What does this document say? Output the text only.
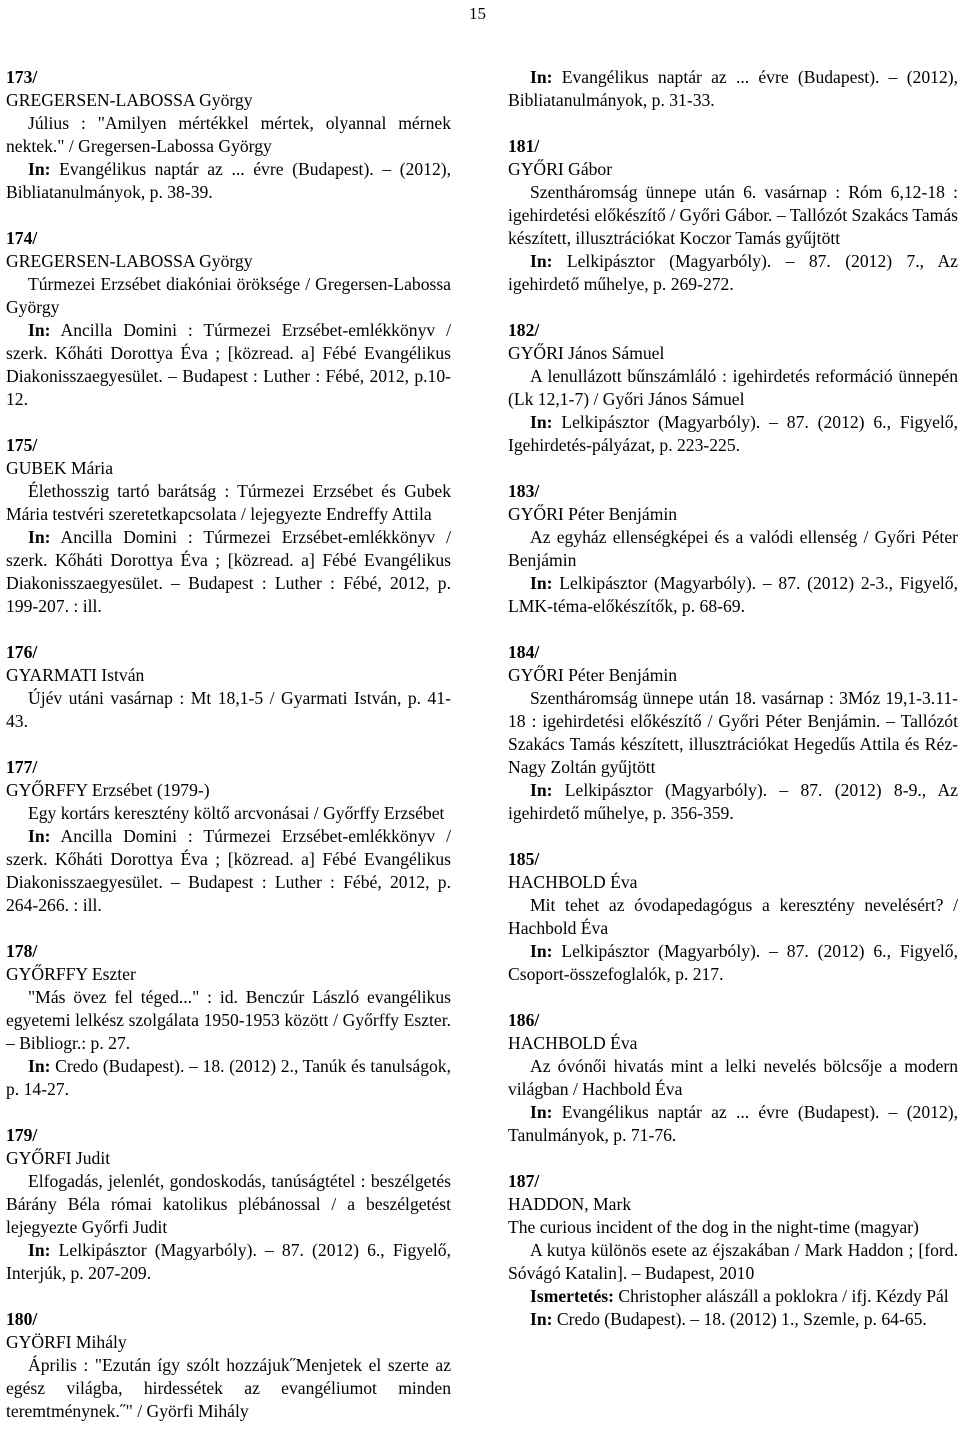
15

173/

GREGERSEN-LABOSSA György

Július : "Amilyen mértékkel mértek, olyannal mérnek nektek." / Gregersen-Labossa György

In: Evangélikus naptár az ... évre (Budapest). – (2012), Bibliatanulmányok, p. 38-39.

174/

GREGERSEN-LABOSSA György

Túrmezei Erzsébet diakóniai öröksége / Gregersen-Labossa György

In: Ancilla Domini : Túrmezei Erzsébet-emlékkönyv / szerk. Kőháti Dorottya Éva ; [közread. a] Fébé Evangélikus Diakonisszaegyesület. – Budapest : Luther : Fébé, 2012, p.10-12.

175/

GUBEK Mária

Élethosszig tartó barátság : Túrmezei Erzsébet és Gubek Mária testvéri szeretetkapcsolata / lejegyezte Endreffy Attila

In: Ancilla Domini : Túrmezei Erzsébet-emlékkönyv / szerk. Kőháti Dorottya Éva ; [közread. a] Fébé Evangélikus Diakonisszaegyesület. – Budapest : Luther : Fébé, 2012, p. 199-207. : ill.

176/

GYARMATI István

Újév utáni vasárnap : Mt 18,1-5 / Gyarmati István, p. 41-43.

177/

GYŐRFFY Erzsébet (1979-)

Egy kortárs keresztény költő arcvonásai / Győrffy Erzsébet

In: Ancilla Domini : Túrmezei Erzsébet-emlékkönyv / szerk. Kőháti Dorottya Éva ; [közread. a] Fébé Evangélikus Diakonisszaegyesület. – Budapest : Luther : Fébé, 2012, p. 264-266. : ill.

178/

GYŐRFFY Eszter

"Más övez fel téged..." : id. Benczúr László evangélikus egyetemi lelkész szolgálata 1950-1953 között / Győrffy Eszter. – Bibliogr.: p. 27.

In: Credo (Budapest). – 18. (2012) 2., Tanúk és tanulságok, p. 14-27.

179/

GYŐRFI Judit

Elfogadás, jelenlét, gondoskodás, tanúságtétel : beszélgetés Bárány Béla római katolikus plébánossal / a beszélgetést lejegyezte Győrfi Judit

In: Lelkipásztor (Magyarbóly). – 87. (2012) 6., Figyelő, Interjúk, p. 207-209.

180/

GYÖRFI Mihály

Április : "Ezután így szólt hozzájuk˝Menjetek el szerte az egész világba, hirdessétek az evangéliumot minden teremtménynek.˝" / Györfi Mihály

In: Evangélikus naptár az ... évre (Budapest). – (2012), Bibliatanulmányok, p. 31-33.

181/

GYŐRI Gábor

Szentháromság ünnepe után 6. vasárnap : Róm 6,12-18 : igehirdetési előkészítő / Győri Gábor. – Tallózót Szakács Tamás készített, illusztrációkat Koczor Tamás gyűjtött

In: Lelkipásztor (Magyarbóly). – 87. (2012) 7., Az igehirdető műhelye, p. 269-272.

182/

GYŐRI János Sámuel

A lenullázott bűnszámláló : igehirdetés reformáció ünnepén (Lk 12,1-7) / Győri János Sámuel

In: Lelkipásztor (Magyarbóly). – 87. (2012) 6., Figyelő, Igehirdetés-pályázat, p. 223-225.

183/

GYŐRI Péter Benjámin

Az egyház ellenségképei és a valódi ellenség / Győri Péter Benjámin

In: Lelkipásztor (Magyarbóly). – 87. (2012) 2-3., Figyelő, LMK-téma-előkészítők, p. 68-69.

184/

GYŐRI Péter Benjámin

Szentháromság ünnepe után 18. vasárnap : 3Móz 19,1-3.11-18 : igehirdetési előkészítő / Győri Péter Benjámin. – Tallózót Szakács Tamás készített, illusztrációkat Hegedűs Attila és Réz-Nagy Zoltán gyűjtött

In: Lelkipásztor (Magyarbóly). – 87. (2012) 8-9., Az igehirdető műhelye, p. 356-359.

185/

HACHBOLD Éva

Mit tehet az óvodapedagógus a keresztény nevelésért? / Hachbold Éva

In: Lelkipásztor (Magyarbóly). – 87. (2012) 6., Figyelő, Csoport-összefoglalók, p. 217.

186/

HACHBOLD Éva

Az óvónői hivatás mint a lelki nevelés bölcsője a modern világban / Hachbold Éva

In: Evangélikus naptár az ... évre (Budapest). – (2012), Tanulmányok, p. 71-76.

187/

HADDON, Mark

The curious incident of the dog in the night-time (magyar)

A kutya különös esete az éjszakában / Mark Haddon ; [ford. Sóvágó Katalin]. – Budapest, 2010

Ismertetés: Christopher alászáll a poklokra / ifj. Kézdy Pál

In: Credo (Budapest). – 18. (2012) 1., Szemle, p. 64-65.
